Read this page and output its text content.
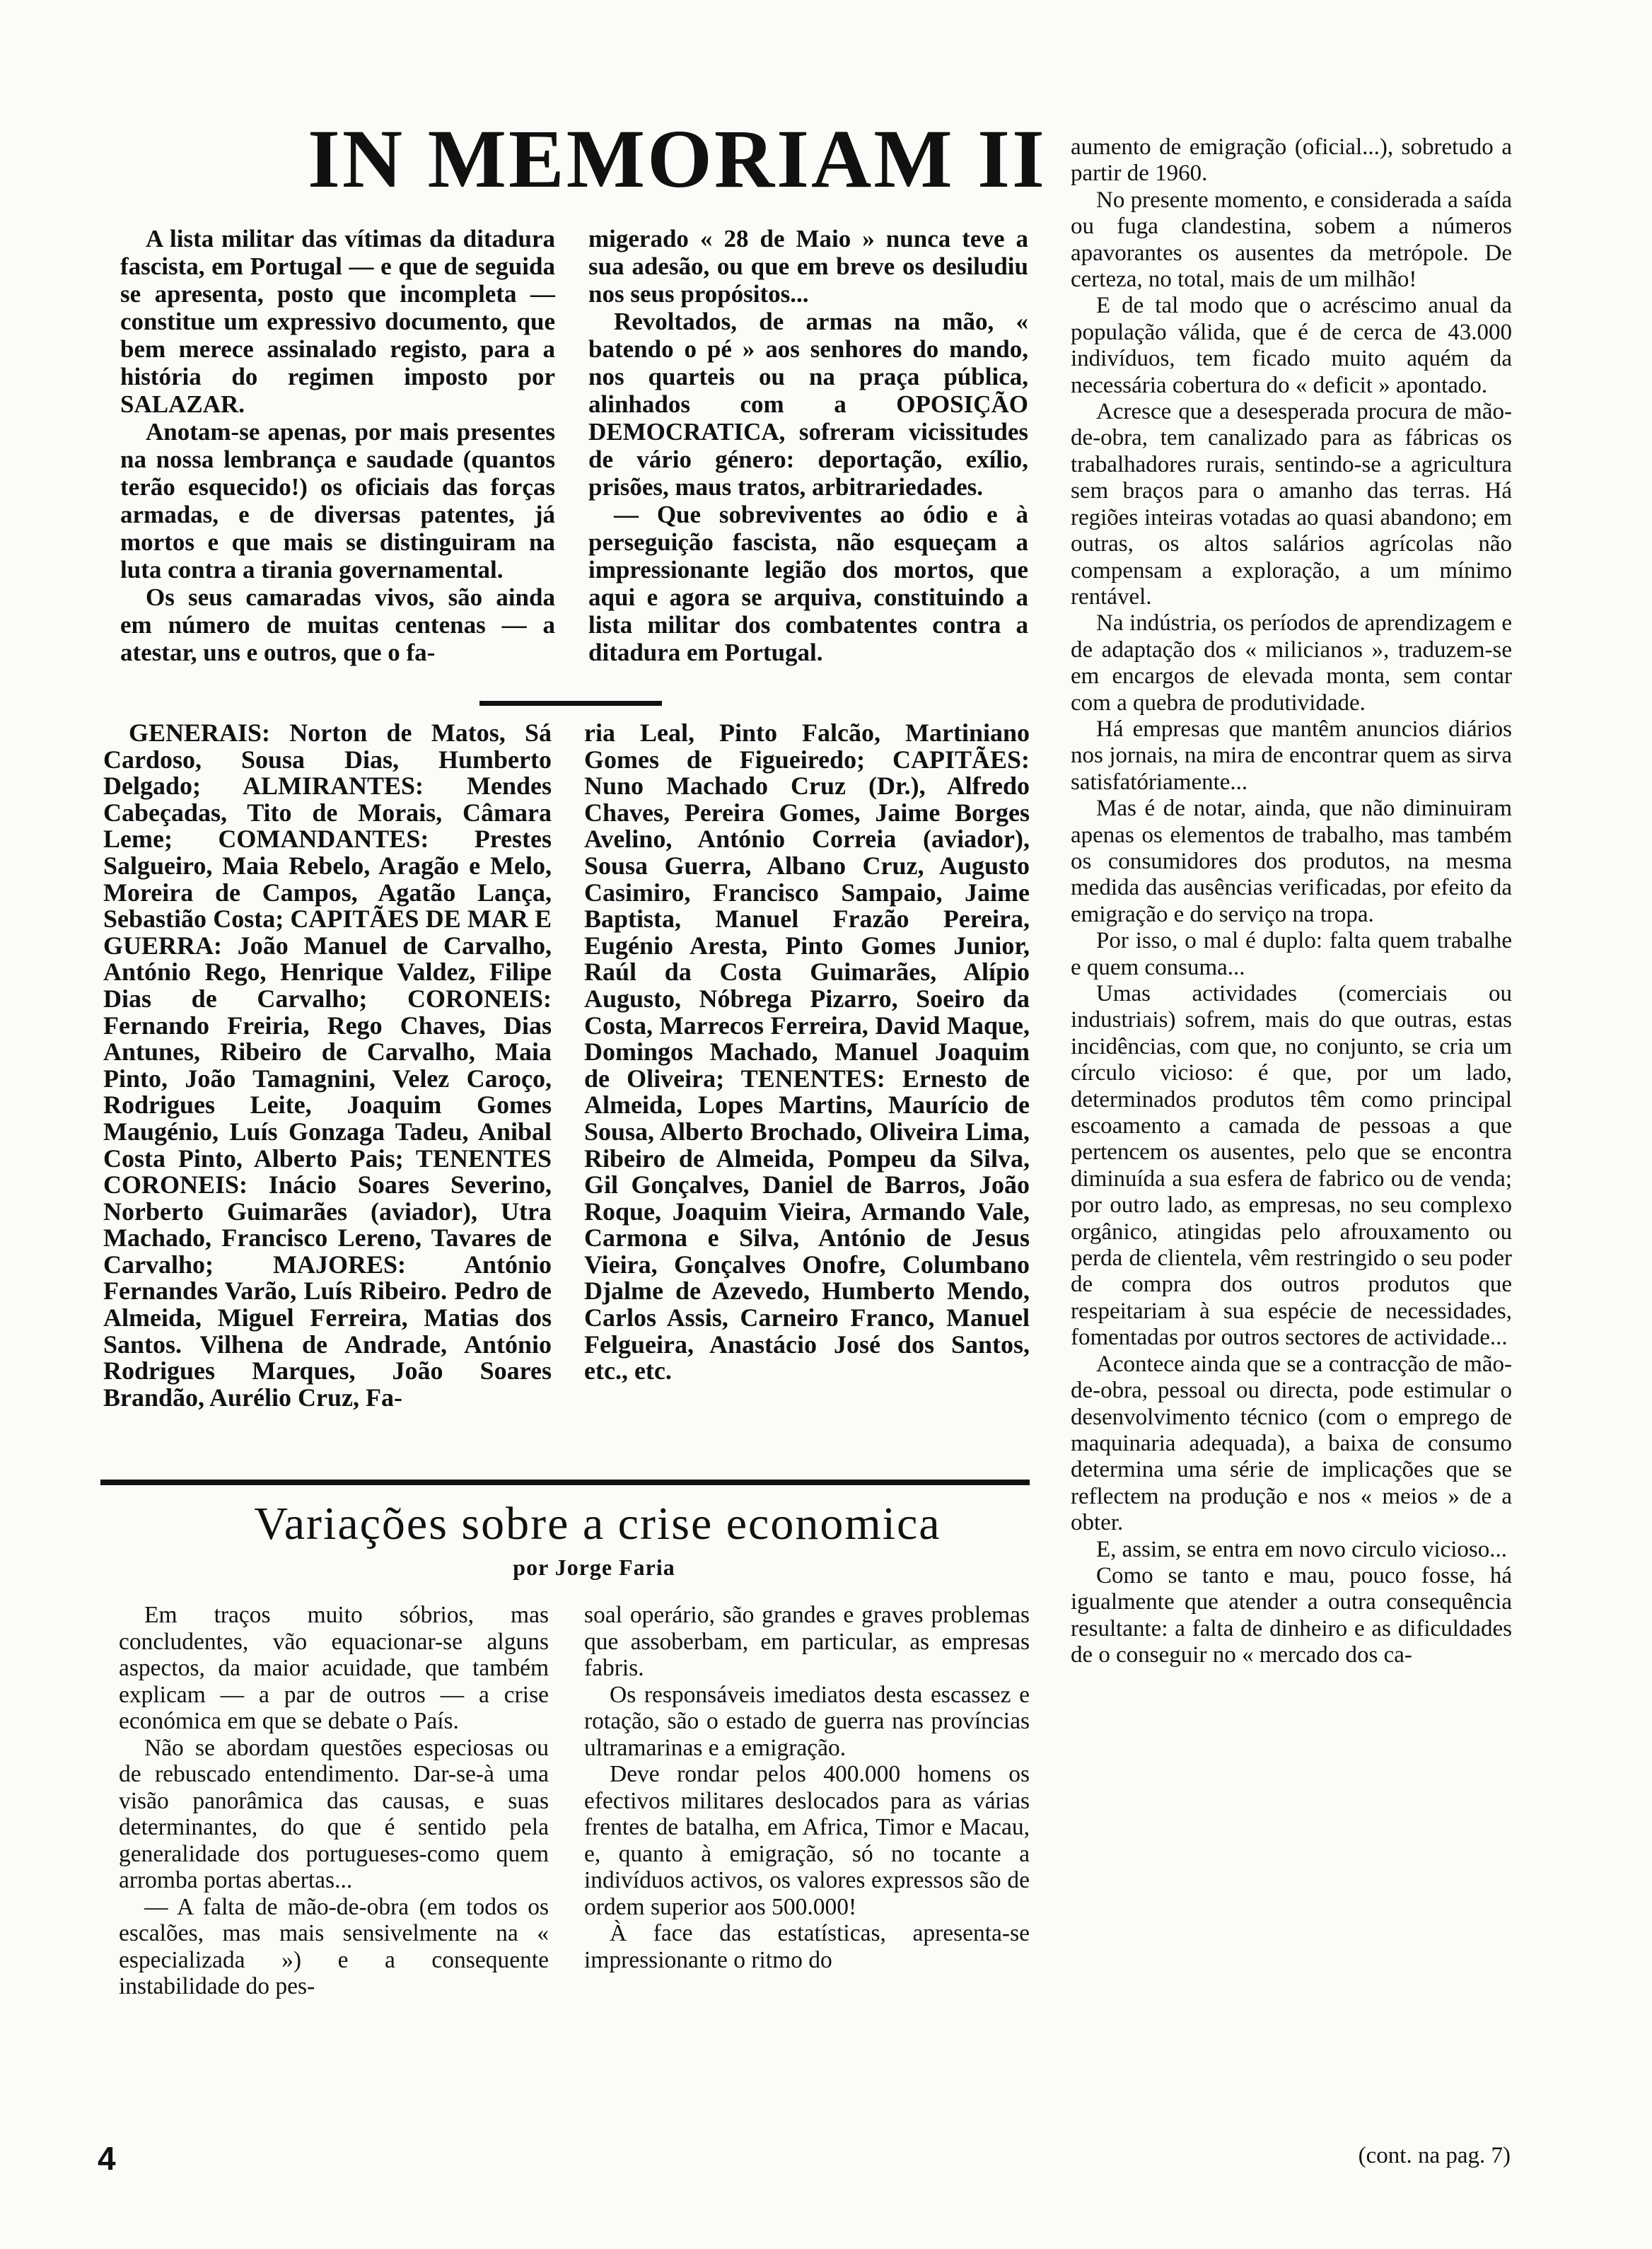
IN MEMORIAM II

A lista militar das vítimas da ditadura fascista, em Portugal — e que de seguida se apresenta, posto que incompleta — constitue um expressivo documento, que bem merece assinalado registo, para a história do regimen imposto por SALAZAR.

Anotam-se apenas, por mais presentes na nossa lembrança e saudade (quantos terão esquecido!) os oficiais das forças armadas, e de diversas patentes, já mortos e que mais se distinguiram na luta contra a tirania governamental.

Os seus camaradas vivos, são ainda em número de muitas centenas — a atestar, uns e outros, que o fa-

migerado « 28 de Maio » nunca teve a sua adesão, ou que em breve os desiludiu nos seus propósitos...

Revoltados, de armas na mão, « batendo o pé » aos senhores do mando, nos quarteis ou na praça pública, alinhados com a OPOSIÇÃO DEMOCRATICA, sofreram vicissitudes de vário género: deportação, exílio, prisões, maus tratos, arbitrariedades.

— Que sobreviventes ao ódio e à perseguição fascista, não esqueçam a impressionante legião dos mortos, que aqui e agora se arquiva, constituindo a lista militar dos combatentes contra a ditadura em Portugal.

GENERAIS: Norton de Matos, Sá Cardoso, Sousa Dias, Humberto Delgado; ALMIRANTES: Mendes Cabeçadas, Tito de Morais, Câmara Leme; COMANDANTES: Prestes Salgueiro, Maia Rebelo, Aragão e Melo, Moreira de Campos, Agatão Lança, Sebastião Costa; CAPITÃES DE MAR E GUERRA: João Manuel de Carvalho, António Rego, Henrique Valdez, Filipe Dias de Carvalho; CORONEIS: Fernando Freiria, Rego Chaves, Dias Antunes, Ribeiro de Carvalho, Maia Pinto, João Tamagnini, Velez Caroço, Rodrigues Leite, Joaquim Gomes Maugénio, Luís Gonzaga Tadeu, Anibal Costa Pinto, Alberto Pais; TENENTES CORONEIS: Inácio Soares Severino, Norberto Guimarães (aviador), Utra Machado, Francisco Lereno, Tavares de Carvalho; MAJORES: António Fernandes Varão, Luís Ribeiro. Pedro de Almeida, Miguel Ferreira, Matias dos Santos. Vilhena de Andrade, António Rodrigues Marques, João Soares Brandão, Aurélio Cruz, Fa-

ria Leal, Pinto Falcão, Martiniano Gomes de Figueiredo; CAPITÃES: Nuno Machado Cruz (Dr.), Alfredo Chaves, Pereira Gomes, Jaime Borges Avelino, António Correia (aviador), Sousa Guerra, Albano Cruz, Augusto Casimiro, Francisco Sampaio, Jaime Baptista, Manuel Frazão Pereira, Eugénio Aresta, Pinto Gomes Junior, Raúl da Costa Guimarães, Alípio Augusto, Nóbrega Pizarro, Soeiro da Costa, Marrecos Ferreira, David Maque, Domingos Machado, Manuel Joaquim de Oliveira; TENENTES: Ernesto de Almeida, Lopes Martins, Maurício de Sousa, Alberto Brochado, Oliveira Lima, Ribeiro de Almeida, Pompeu da Silva, Gil Gonçalves, Daniel de Barros, João Roque, Joaquim Vieira, Armando Vale, Carmona e Silva, António de Jesus Vieira, Gonçalves Onofre, Columbano Djalme de Azevedo, Humberto Mendo, Carlos Assis, Carneiro Franco, Manuel Felgueira, Anastácio José dos Santos, etc., etc.

Variações sobre a crise economica
por Jorge Faria

Em traços muito sóbrios, mas concludentes, vão equacionar-se alguns aspectos, da maior acuidade, que também explicam — a par de outros — a crise económica em que se debate o País.

Não se abordam questões especiosas ou de rebuscado entendimento. Dar-se-à uma visão panorâmica das causas, e suas determinantes, do que é sentido pela generalidade dos portugueses-como quem arromba portas abertas...

— A falta de mão-de-obra (em todos os escalões, mas mais sensivelmente na « especializada ») e a consequente instabilidade do pes-

soal operário, são grandes e graves problemas que assoberbam, em particular, as empresas fabris.

Os responsáveis imediatos desta escassez e rotação, são o estado de guerra nas províncias ultramarinas e a emigração.

Deve rondar pelos 400.000 homens os efectivos militares deslocados para as várias frentes de batalha, em Africa, Timor e Macau, e, quanto à emigração, só no tocante a indivíduos activos, os valores expressos são de ordem superior aos 500.000!

À face das estatísticas, apresenta-se impressionante o ritmo do

aumento de emigração (oficial...), sobretudo a partir de 1960.

No presente momento, e considerada a saída ou fuga clandestina, sobem a números apavorantes os ausentes da metrópole. De certeza, no total, mais de um milhão!

E de tal modo que o acréscimo anual da população válida, que é de cerca de 43.000 indivíduos, tem ficado muito aquém da necessária cobertura do « deficit » apontado.

Acresce que a desesperada procura de mão-de-obra, tem canalizado para as fábricas os trabalhadores rurais, sentindo-se a agricultura sem braços para o amanho das terras. Há regiões inteiras votadas ao quasi abandono; em outras, os altos salários agrícolas não compensam a exploração, a um mínimo rentável.

Na indústria, os períodos de aprendizagem e de adaptação dos « milicianos », traduzem-se em encargos de elevada monta, sem contar com a quebra de produtividade.

Há empresas que mantêm anuncios diários nos jornais, na mira de encontrar quem as sirva satisfatóriamente...

Mas é de notar, ainda, que não diminuiram apenas os elementos de trabalho, mas também os consumidores dos produtos, na mesma medida das ausências verificadas, por efeito da emigração e do serviço na tropa.

Por isso, o mal é duplo: falta quem trabalhe e quem consuma...

Umas actividades (comerciais ou industriais) sofrem, mais do que outras, estas incidências, com que, no conjunto, se cria um círculo vicioso: é que, por um lado, determinados produtos têm como principal escoamento a camada de pessoas a que pertencem os ausentes, pelo que se encontra diminuída a sua esfera de fabrico ou de venda; por outro lado, as empresas, no seu complexo orgânico, atingidas pelo afrouxamento ou perda de clientela, vêm restringido o seu poder de compra dos outros produtos que respeitariam à sua espécie de necessidades, fomentadas por outros sectores de actividade...

Acontece ainda que se a contracção de mão-de-obra, pessoal ou directa, pode estimular o desenvolvimento técnico (com o emprego de maquinaria adequada), a baixa de consumo determina uma série de implicações que se reflectem na produção e nos « meios » de a obter.

E, assim, se entra em novo circulo vicioso...

Como se tanto e mau, pouco fosse, há igualmente que atender a outra consequência resultante: a falta de dinheiro e as dificuldades de o conseguir no « mercado dos ca-

(cont. na pag. 7)
4
